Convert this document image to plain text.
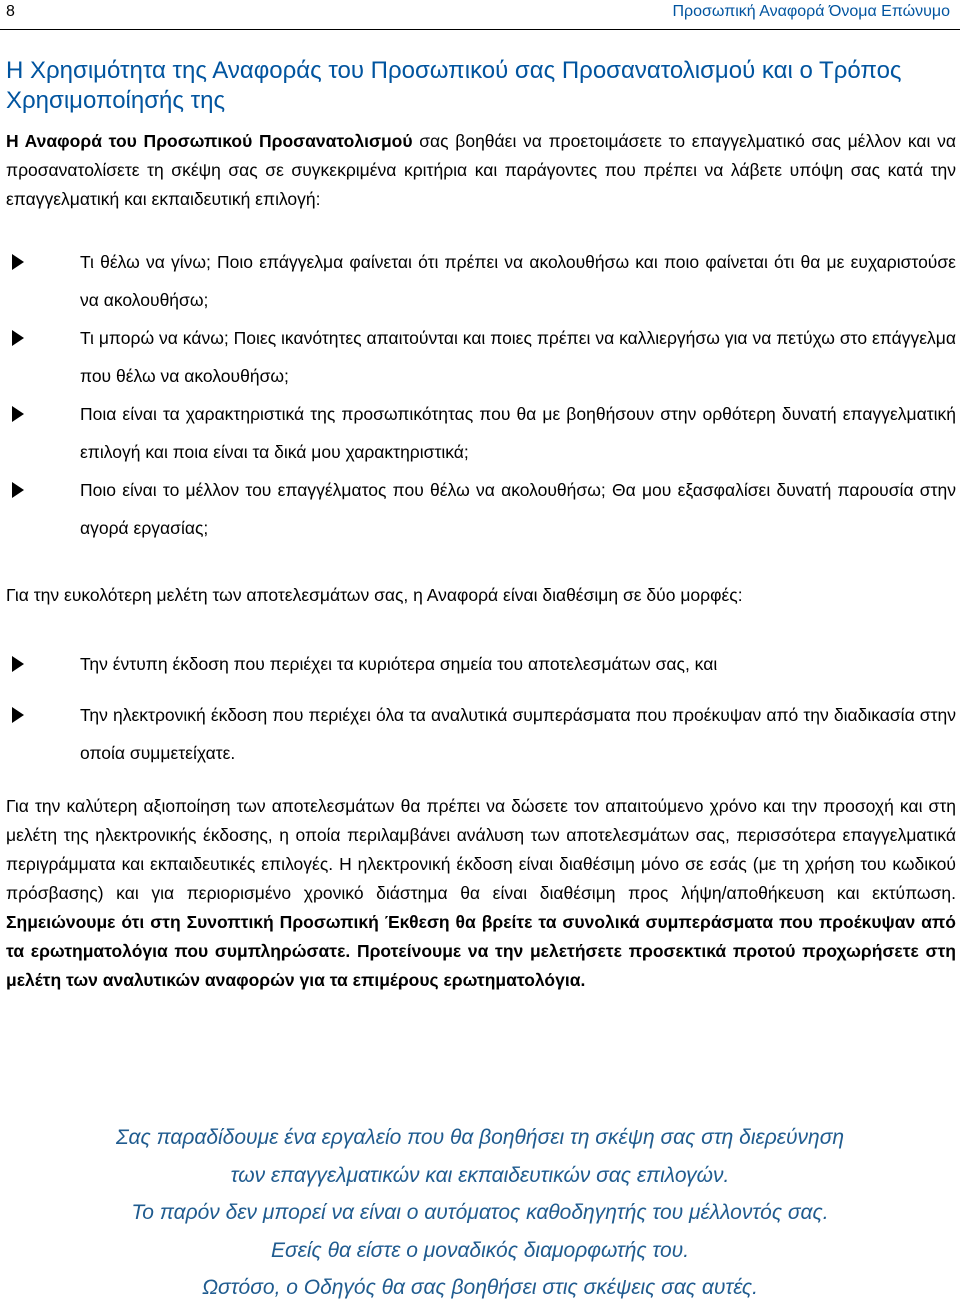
8	Προσωπική Αναφορά Όνομα Επώνυμο
Η Χρησιμότητα της Αναφοράς του Προσωπικού σας Προσανατολισμού και ο Τρόπος Χρησιμοποίησής της

Η Αναφορά του Προσωπικού Προσανατολισμού σας βοηθάει να προετοιμάσετε το επαγγελματικό σας μέλλον και να προσανατολίσετε τη σκέψη σας σε συγκεκριμένα κριτήρια και παράγοντες που πρέπει να λάβετε υπόψη σας κατά την επαγγελματική και εκπαιδευτική επιλογή:

Τι θέλω να γίνω; Ποιο επάγγελμα φαίνεται ότι πρέπει να ακολουθήσω και ποιο φαίνεται ότι θα με ευχαριστούσε να ακολουθήσω;
Τι μπορώ να κάνω; Ποιες ικανότητες απαιτούνται και ποιες πρέπει να καλλιεργήσω για να πετύχω στο επάγγελμα που θέλω να ακολουθήσω;
Ποια είναι τα χαρακτηριστικά της προσωπικότητας που θα με βοηθήσουν στην ορθότερη δυνατή επαγγελματική επιλογή και ποια είναι τα δικά μου χαρακτηριστικά;
Ποιο είναι το μέλλον του επαγγέλματος που θέλω να ακολουθήσω; Θα μου εξασφαλίσει δυνατή παρουσία στην αγορά εργασίας;

Για την ευκολότερη μελέτη των αποτελεσμάτων σας, η Αναφορά είναι διαθέσιμη σε δύο μορφές:

Την έντυπη έκδοση που περιέχει τα κυριότερα σημεία του αποτελεσμάτων σας, και
Την ηλεκτρονική έκδοση που περιέχει όλα τα αναλυτικά συμπεράσματα που προέκυψαν από την διαδικασία στην οποία συμμετείχατε.

Για την καλύτερη αξιοποίηση των αποτελεσμάτων θα πρέπει να δώσετε τον απαιτούμενο χρόνο και την προσοχή και στη μελέτη της ηλεκτρονικής έκδοσης, η οποία περιλαμβάνει ανάλυση των αποτελεσμάτων σας, περισσότερα επαγγελματικά περιγράμματα και εκπαιδευτικές επιλογές. Η ηλεκτρονική έκδοση είναι διαθέσιμη μόνο σε εσάς (με τη χρήση του κωδικού πρόσβασης) και για περιορισμένο χρονικό διάστημα θα είναι διαθέσιμη προς λήψη/αποθήκευση και εκτύπωση. Σημειώνουμε ότι στη Συνοπτική Προσωπική Έκθεση θα βρείτε τα συνολικά συμπεράσματα που προέκυψαν από τα ερωτηματολόγια που συμπληρώσατε. Προτείνουμε να την μελετήσετε προσεκτικά προτού προχωρήσετε στη μελέτη των αναλυτικών αναφορών για τα επιμέρους ερωτηματολόγια.

Σας παραδίδουμε ένα εργαλείο που θα βοηθήσει τη σκέψη σας στη διερεύνηση
των επαγγελματικών και εκπαιδευτικών σας επιλογών.
Το παρόν δεν μπορεί να είναι ο αυτόματος καθοδηγητής του μέλλοντός σας.
Εσείς θα είστε ο μοναδικός διαμορφωτής του.
Ωστόσο, ο Οδηγός θα σας βοηθήσει στις σκέψεις σας αυτές.
